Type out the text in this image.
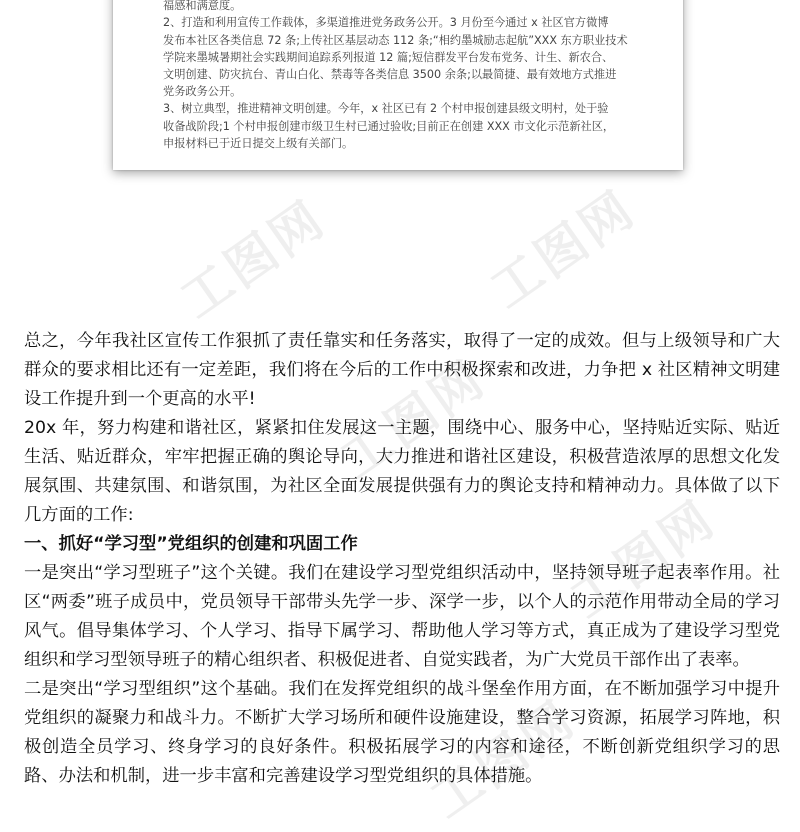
福感和满意度。

2、打造和利用宣传工作载体，多渠道推进党务政务公开。3 月份至今通过 x 社区官方微博

发布本社区各类信息 72 条;上传社区基层动态 112 条;“相约墨城励志起航”XXX 东方职业技术

学院来墨城暑期社会实践期间追踪系列报道 12 篇;短信群发平台发布党务、计生、新农合、

文明创建、防灾抗台、青山白化、禁毒等各类信息 3500 余条;以最简捷、最有效地方式推进

党务政务公开。

3、树立典型，推进精神文明创建。今年，x 社区已有 2 个村申报创建县级文明村，处于验

收备战阶段;1 个村申报创建市级卫生村已通过验收;目前正在创建 XXX 市文化示范新社区，

申报材料已于近日提交上级有关部门。

工图网	工图网
工图网
工图网
工图网

总之，今年我社区宣传工作狠抓了责任靠实和任务落实，取得了一定的成效。但与上级领导和广大群众的要求相比还有一定差距，我们将在今后的工作中积极探索和改进，力争把 x 社区精神文明建设工作提升到一个更高的水平!

20x 年，努力构建和谐社区，紧紧扣住发展这一主题，围绕中心、服务中心，坚持贴近实际、贴近生活、贴近群众，牢牢把握正确的舆论导向，大力推进和谐社区建设，积极营造浓厚的思想文化发展氛围、共建氛围、和谐氛围，为社区全面发展提供强有力的舆论支持和精神动力。具体做了以下几方面的工作:

一、抓好“学习型”党组织的创建和巩固工作

一是突出“学习型班子”这个关键。我们在建设学习型党组织活动中，坚持领导班子起表率作用。社区“两委”班子成员中，党员领导干部带头先学一步、深学一步，以个人的示范作用带动全局的学习风气。倡导集体学习、个人学习、指导下属学习、帮助他人学习等方式，真正成为了建设学习型党组织和学习型领导班子的精心组织者、积极促进者、自觉实践者，为广大党员干部作出了表率。

二是突出“学习型组织”这个基础。我们在发挥党组织的战斗堡垒作用方面，在不断加强学习中提升党组织的凝聚力和战斗力。不断扩大学习场所和硬件设施建设，整合学习资源，拓展学习阵地，积极创造全员学习、终身学习的良好条件。积极拓展学习的内容和途径，不断创新党组织学习的思路、办法和机制，进一步丰富和完善建设学习型党组织的具体措施。
